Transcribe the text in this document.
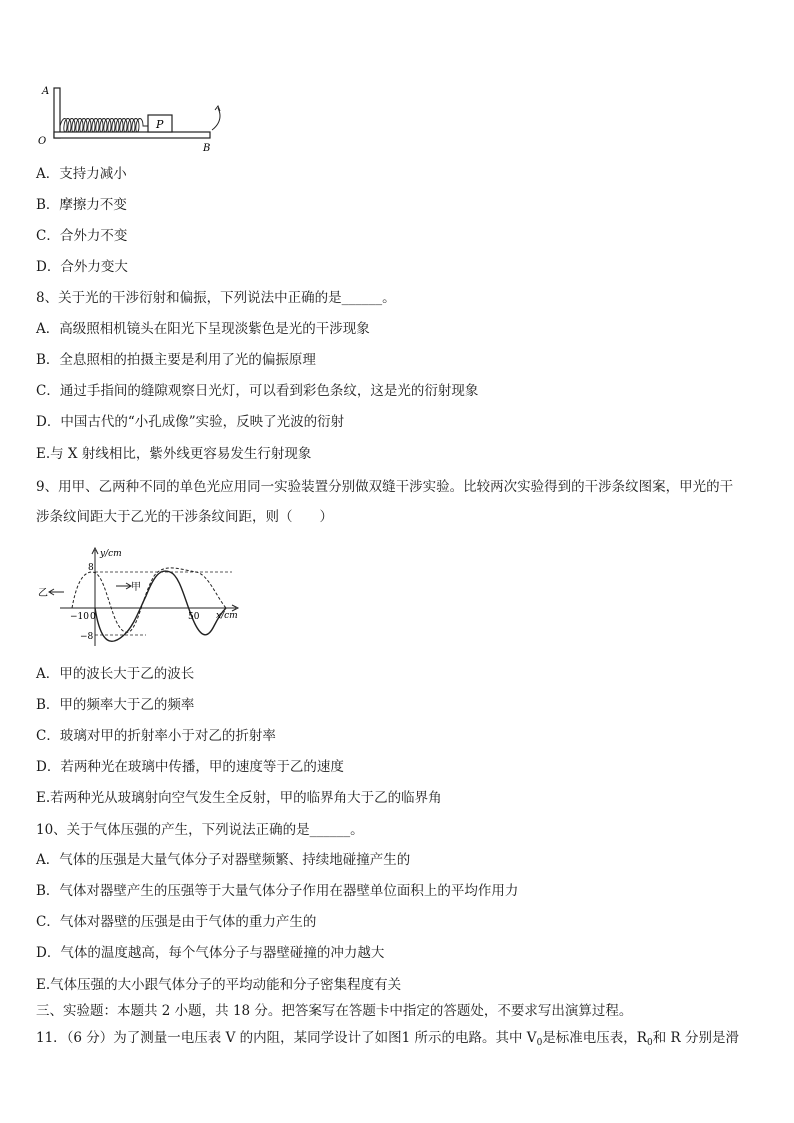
P
A
O
B
A．支持力减小
B．摩擦力不变
C．合外力不变
D．合外力变大
8、关于光的干涉衍射和偏振，下列说法中正确的是______。
A．高级照相机镜头在阳光下呈现淡紫色是光的干涉现象
B．全息照相的拍摄主要是利用了光的偏振原理
C．通过手指间的缝隙观察日光灯，可以看到彩色条纹，这是光的衍射现象
D．中国古代的“小孔成像”实验，反映了光波的衍射
E.与 X 射线相比，紫外线更容易发生行射现象
9、用甲、乙两种不同的单色光应用同一实验装置分别做双缝干涉实验。比较两次实验得到的干涉条纹图案，甲光的干
涉条纹间距大于乙光的干涉条纹间距，则（　　）
甲
乙
y/cm
x/cm
8
−8
−10 0	50
A．甲的波长大于乙的波长
B．甲的频率大于乙的频率
C．玻璃对甲的折射率小于对乙的折射率
D．若两种光在玻璃中传播，甲的速度等于乙的速度
E.若两种光从玻璃射向空气发生全反射，甲的临界角大于乙的临界角
10、关于气体压强的产生，下列说法正确的是______。
A．气体的压强是大量气体分子对器壁频繁、持续地碰撞产生的
B．气体对器壁产生的压强等于大量气体分子作用在器壁单位面积上的平均作用力
C．气体对器壁的压强是由于气体的重力产生的
D．气体的温度越高，每个气体分子与器壁碰撞的冲力越大
E.气体压强的大小跟气体分子的平均动能和分子密集程度有关
三、实验题：本题共 2 小题，共 18 分。把答案写在答题卡中指定的答题处，不要求写出演算过程。
11．（6 分）为了测量一电压表 V 的内阻，某同学设计了如图1 所示的电路。其中 $V_0$是标准电压表，$R_0$和 R 分别是滑
